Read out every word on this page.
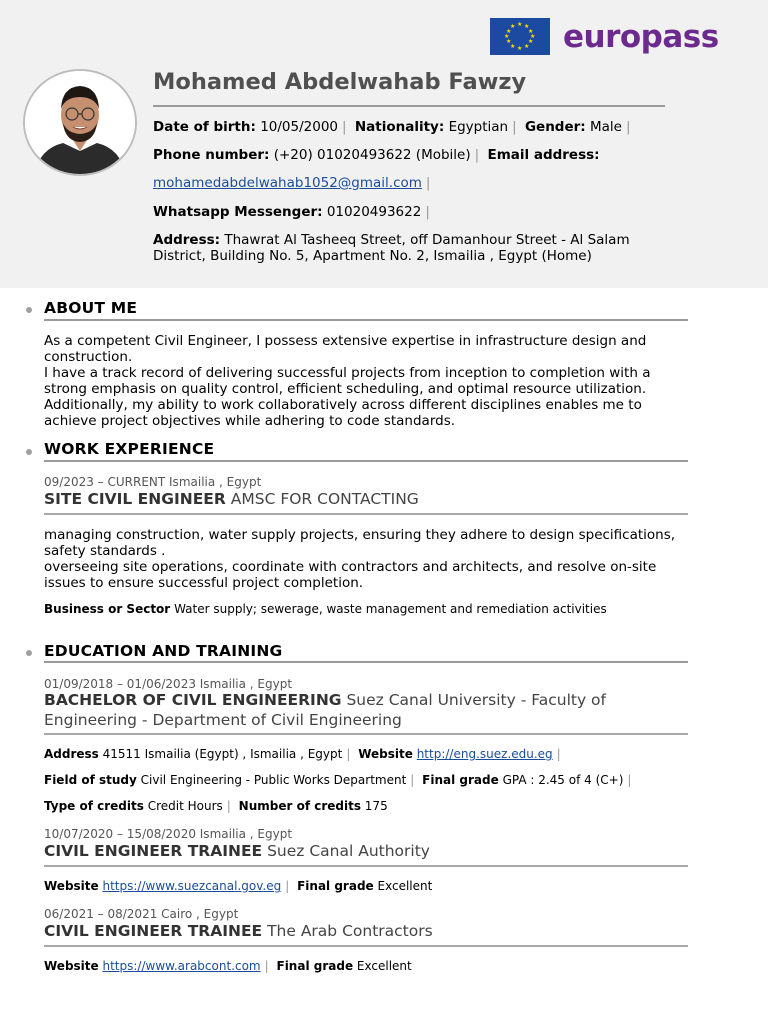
★ ★
★
★
★
★
★
★
★
★
★
★ europass
Mohamed Abdelwahab Fawzy
Date of birth: 10/05/2000 | Nationality: Egyptian | Gender: Male |
Phone number: (+20) 01020493622 (Mobile) | Email address:
mohamedabdelwahab1052@gmail.com |
Whatsapp Messenger: 01020493622 |
Address: Thawrat Al Tasheeq Street, off Damanhour Street - Al Salam District, Building No. 5, Apartment No. 2, Ismailia , Egypt (Home)
ABOUT ME
As a competent Civil Engineer, I possess extensive expertise in infrastructure design and construction.
I have a track record of delivering successful projects from inception to completion with a strong emphasis on quality control, efficient scheduling, and optimal resource utilization. Additionally, my ability to work collaboratively across different disciplines enables me to achieve project objectives while adhering to code standards.
WORK EXPERIENCE
09/2023 – CURRENT Ismailia , Egypt
SITE CIVIL ENGINEER AMSC FOR CONTACTING
managing construction, water supply projects, ensuring they adhere to design specifications, safety standards .
overseeing site operations, coordinate with contractors and architects, and resolve on-site issues to ensure successful project completion.
Business or Sector Water supply; sewerage, waste management and remediation activities
EDUCATION AND TRAINING
01/09/2018 – 01/06/2023 Ismailia , Egypt
BACHELOR OF CIVIL ENGINEERING Suez Canal University - Faculty of Engineering - Department of Civil Engineering
Address 41511 Ismailia (Egypt) , Ismailia , Egypt | Website http://eng.suez.edu.eg |
Field of study Civil Engineering - Public Works Department | Final grade GPA : 2.45 of 4 (C+) |
Type of credits Credit Hours | Number of credits 175
10/07/2020 – 15/08/2020 Ismailia , Egypt
CIVIL ENGINEER TRAINEE Suez Canal Authority
Website https://www.suezcanal.gov.eg | Final grade Excellent
06/2021 – 08/2021 Cairo , Egypt
CIVIL ENGINEER TRAINEE The Arab Contractors
Website https://www.arabcont.com | Final grade Excellent
